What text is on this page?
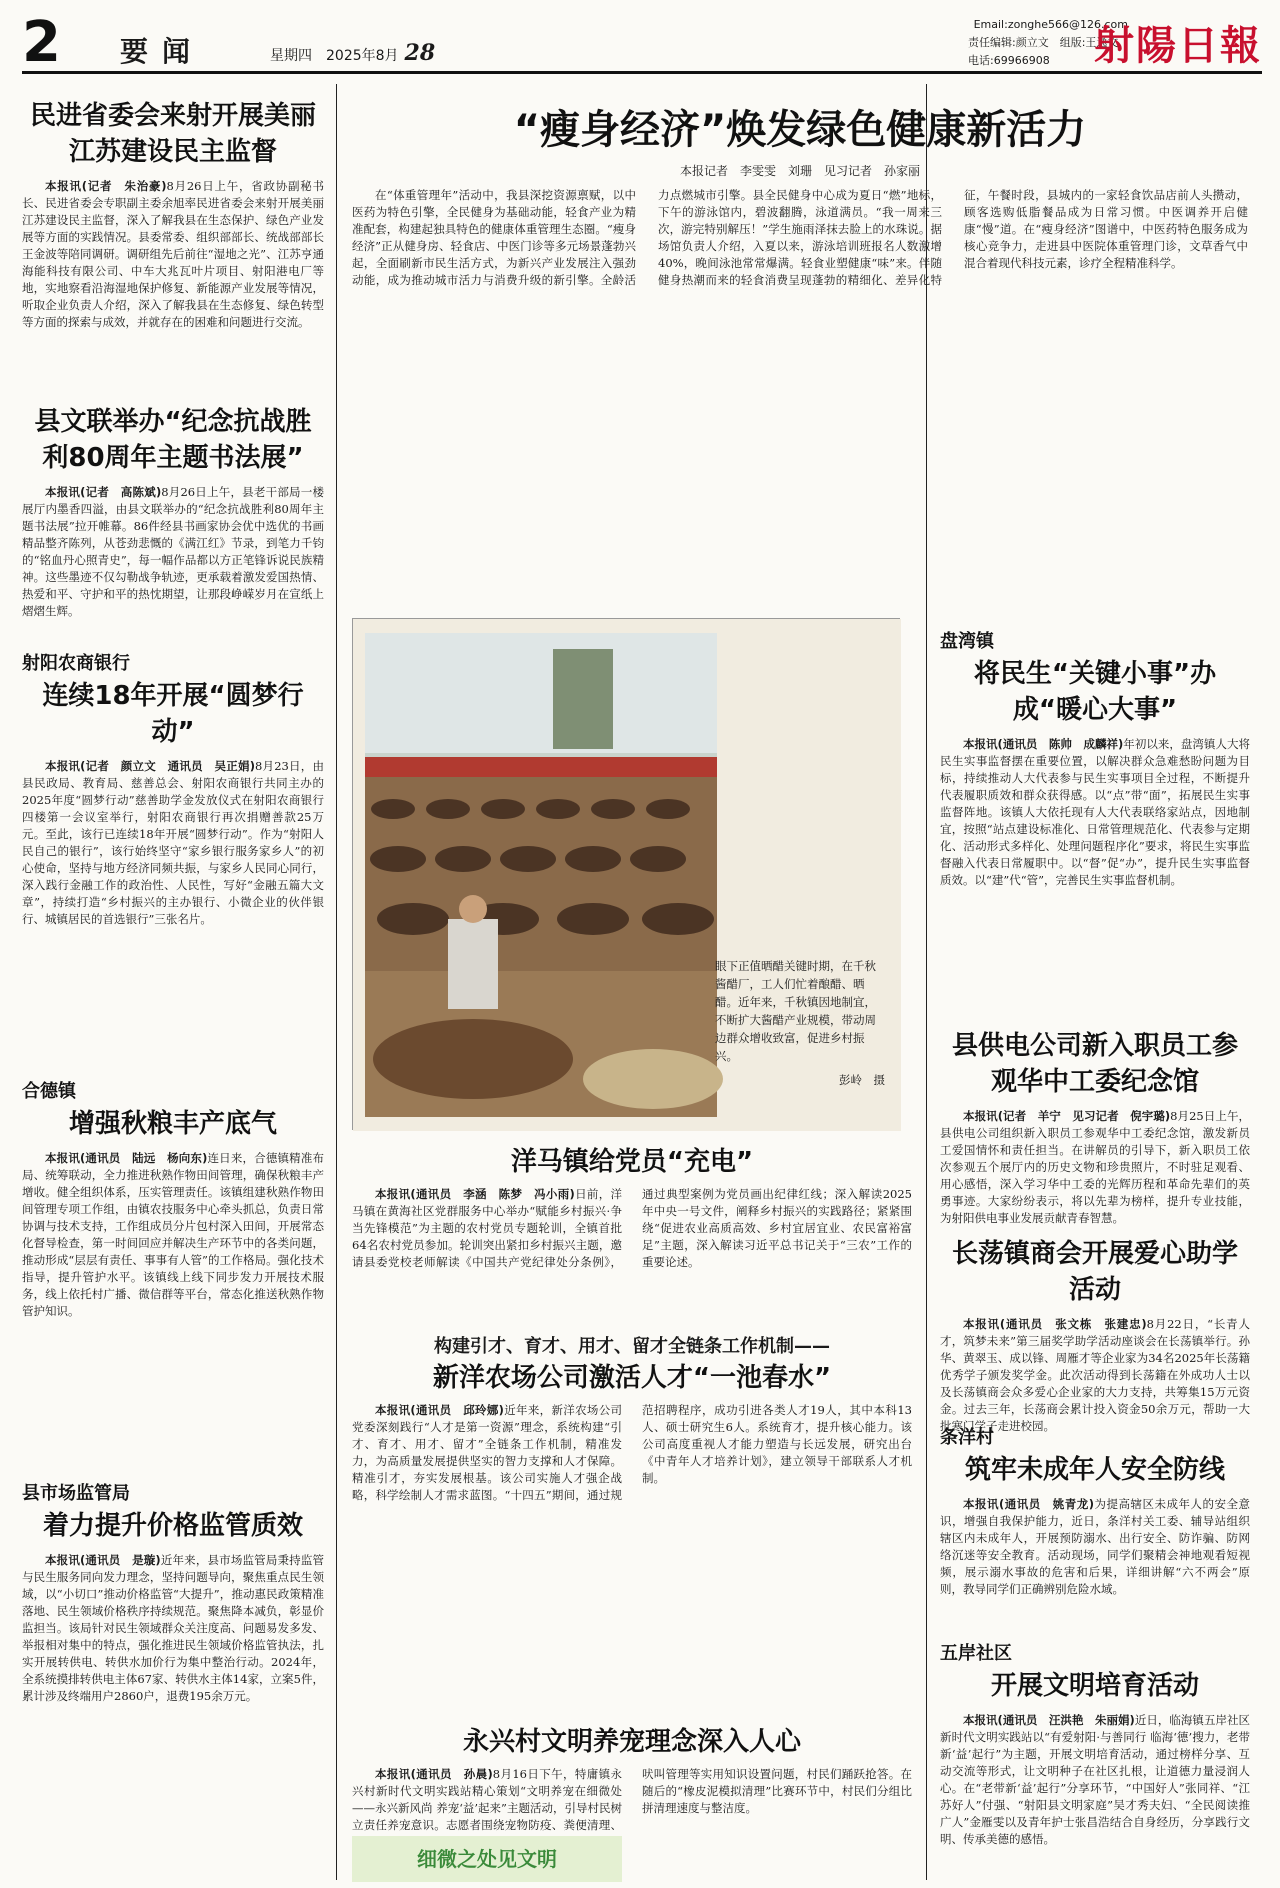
2 要闻	星期四　2025年8月 28
Email:zonghe566@126.com
责任编辑:颜立文　组版:王逸文
电话:69966908	射陽日報
民进省委会来射开展美丽江苏建设民主监督
本报讯(记者　朱治豪)8月26日上午，省政协副秘书长、民进省委会专职副主委余旭率民进省委会来射开展美丽江苏建设民主监督，深入了解我县在生态保护、绿色产业发展等方面的实践情况。县委常委、组织部部长、统战部部长王金波等陪同调研。调研组先后前往“湿地之光”、江苏亨通海能科技有限公司、中车大兆瓦叶片项目、射阳港电厂等地，实地察看沿海湿地保护修复、新能源产业发展等情况，听取企业负责人介绍，深入了解我县在生态修复、绿色转型等方面的探索与成效，并就存在的困难和问题进行交流。
县文联举办“纪念抗战胜利80周年主题书法展”
本报讯(记者　高陈斌)8月26日上午，县老干部局一楼展厅内墨香四溢，由县文联举办的“纪念抗战胜利80周年主题书法展”拉开帷幕。86件经县书画家协会优中选优的书画精品整齐陈列，从苍劲悲慨的《满江红》节录，到笔力千钧的“铭血丹心照青史”，每一幅作品都以方正笔锋诉说民族精神。这些墨迹不仅勾勒战争轨迹，更承载着激发爱国热情、热爱和平、守护和平的热忱期望，让那段峥嵘岁月在宣纸上熠熠生辉。
射阳农商银行
连续18年开展“圆梦行动”
本报讯(记者　颜立文　通讯员　吴正娟)8月23日，由县民政局、教育局、慈善总会、射阳农商银行共同主办的2025年度“圆梦行动”慈善助学金发放仪式在射阳农商银行四楼第一会议室举行，射阳农商银行再次捐赠善款25万元。至此，该行已连续18年开展“圆梦行动”。作为“射阳人民自己的银行”，该行始终坚守“家乡银行服务家乡人”的初心使命，坚持与地方经济同频共振，与家乡人民同心同行，深入践行金融工作的政治性、人民性，写好“金融五篇大文章”，持续打造“乡村振兴的主办银行、小微企业的伙伴银行、城镇居民的首选银行”三张名片。
合德镇
增强秋粮丰产底气
本报讯(通讯员　陆远　杨向东)连日来，合德镇精准布局、统筹联动，全力推进秋熟作物田间管理，确保秋粮丰产增收。健全组织体系，压实管理责任。该镇组建秋熟作物田间管理专项工作组，由镇农技服务中心牵头抓总，负责日常协调与技术支持，工作组成员分片包村深入田间，开展常态化督导检查，第一时间回应并解决生产环节中的各类问题，推动形成“层层有责任、事事有人管”的工作格局。强化技术指导，提升管护水平。该镇线上线下同步发力开展技术服务，线上依托村广播、微信群等平台，常态化推送秋熟作物管护知识。
县市场监管局
着力提升价格监管质效
本报讯(通讯员　是璇)近年来，县市场监管局秉持监管与民生服务同向发力理念，坚持问题导向，聚焦重点民生领域，以“小切口”推动价格监管“大提升”，推动惠民政策精准落地、民生领域价格秩序持续规范。聚焦降本减负，彰显价监担当。该局针对民生领域群众关注度高、问题易发多发、举报相对集中的特点，强化推进民生领域价格监管执法，扎实开展转供电、转供水加价行为集中整治行动。2024年，全系统摸排转供电主体67家、转供水主体14家，立案5件，累计涉及终端用户2860户，退费195余万元。
“瘦身经济”焕发绿色健康新活力
本报记者　李雯雯　刘珊　见习记者　孙家丽
在“体重管理年”活动中，我县深挖资源禀赋，以中医药为特色引擎，全民健身为基础动能，轻食产业为精准配套，构建起独具特色的健康体重管理生态圈。“瘦身经济”正从健身房、轻食店、中医门诊等多元场景蓬勃兴起，全面刷新市民生活方式，为新兴产业发展注入强劲动能，成为推动城市活力与消费升级的新引擎。全龄活力点燃城市引擎。县全民健身中心成为夏日“燃”地标，下午的游泳馆内，碧波翻腾，泳道满员。“我一周来三次，游完特别解压！”学生施雨泽抹去脸上的水珠说。据场馆负责人介绍，入夏以来，游泳培训班报名人数激增40%，晚间泳池常常爆满。轻食业塑健康“味”来。伴随健身热潮而来的轻食消费呈现蓬勃的精细化、差异化特征，午餐时段，县城内的一家轻食饮品店前人头攒动，顾客选购低脂餐品成为日常习惯。中医调养开启健康“慢”道。在“瘦身经济”图谱中，中医药特色服务成为核心竞争力，走进县中医院体重管理门诊，文草香气中混合着现代科技元素，诊疗全程精准科学。
眼下正值晒醋关键时期，在千秋酱醋厂，工人们忙着酿醋、晒醋。近年来，千秋镇因地制宜，不断扩大酱醋产业规模，带动周边群众增收致富，促进乡村振兴。
彭岭　摄
洋马镇给党员“充电”
本报讯(通讯员　李涵　陈梦　冯小雨)日前，洋马镇在黄海社区党群服务中心举办“赋能乡村振兴·争当先锋模范”为主题的农村党员专题轮训，全镇首批64名农村党员参加。轮训突出紧扣乡村振兴主题，邀请县委党校老师解读《中国共产党纪律处分条例》，通过典型案例为党员画出纪律红线；深入解读2025年中央一号文件，阐释乡村振兴的实践路径；紧紧围绕“促进农业高质高效、乡村宜居宜业、农民富裕富足”主题，深入解读习近平总书记关于“三农”工作的重要论述。
构建引才、育才、用才、留才全链条工作机制——
新洋农场公司激活人才“一池春水”
本报讯(通讯员　邱玲娜)近年来，新洋农场公司党委深刻践行“人才是第一资源”理念，系统构建“引才、育才、用才、留才”全链条工作机制，精准发力，为高质量发展提供坚实的智力支撑和人才保障。精准引才，夯实发展根基。该公司实施人才强企战略，科学绘制人才需求蓝图。“十四五”期间，通过规范招聘程序，成功引进各类人才19人，其中本科13人、硕士研究生6人。系统育才，提升核心能力。该公司高度重视人才能力塑造与长远发展，研究出台《中青年人才培养计划》，建立领导干部联系人才机制。
永兴村文明养宠理念深入人心
本报讯(通讯员　孙晨)8月16日下午，特庸镇永兴村新时代文明实践站精心策划“文明养宠在细微处——永兴新风尚 养宠‘益’起来”主题活动，引导村民树立责任养宠意识。志愿者围绕宠物防疫、粪便清理、吠叫管理等实用知识设置问题，村民们踊跃抢答。在随后的“橡皮泥模拟清理”比赛环节中，村民们分组比拼清理速度与整洁度。
细微之处见文明
盘湾镇
将民生“关键小事”办成“暖心大事”
本报讯(通讯员　陈帅　成麟祥)年初以来，盘湾镇人大将民生实事监督摆在重要位置，以解决群众急难愁盼问题为目标，持续推动人大代表参与民生实事项目全过程，不断提升代表履职质效和群众获得感。以“点”带“面”，拓展民生实事监督阵地。该镇人大依托现有人大代表联络家站点，因地制宜，按照“站点建设标准化、日常管理规范化、代表参与定期化、活动形式多样化、处理问题程序化”要求，将民生实事监督融入代表日常履职中。以“督”促“办”，提升民生实事监督质效。以“建”代“管”，完善民生实事监督机制。
县供电公司新入职员工参观华中工委纪念馆
本报讯(记者　羊宁　见习记者　倪宇璐)8月25日上午，县供电公司组织新入职员工参观华中工委纪念馆，激发新员工爱国情怀和责任担当。在讲解员的引导下，新入职员工依次参观五个展厅内的历史文物和珍贵照片，不时驻足观看、用心感悟，深入学习华中工委的光辉历程和革命先辈们的英勇事迹。大家纷纷表示，将以先辈为榜样，提升专业技能，为射阳供电事业发展贡献青春智慧。
长荡镇商会开展爱心助学活动
本报讯(通讯员　张文栋　张建忠)8月22日，“长青人才，筑梦未来”第三届奖学助学活动座谈会在长荡镇举行。孙华、黄翠玉、成以锋、周雁才等企业家为34名2025年长荡籍优秀学子颁发奖学金。此次活动得到长荡籍在外成功人士以及长荡镇商会众多爱心企业家的大力支持，共筹集15万元资金。过去三年，长荡商会累计投入资金50余万元，帮助一大批寒门学子走进校园。
条洋村
筑牢未成年人安全防线
本报讯(通讯员　姚青龙)为提高辖区未成年人的安全意识，增强自我保护能力，近日，条洋村关工委、辅导站组织辖区内未成年人，开展预防溺水、出行安全、防诈骗、防网络沉迷等安全教育。活动现场，同学们聚精会神地观看短视频，展示溺水事故的危害和后果，详细讲解“六不两会”原则，教导同学们正确辨别危险水域。
五岸社区
开展文明培育活动
本报讯(通讯员　汪洪艳　朱丽娟)近日，临海镇五岸社区新时代文明实践站以“有爱射阳·与善同行 临海‘德’搜力，老带新‘益’起行”为主题，开展文明培育活动，通过榜样分享、互动交流等形式，让文明种子在社区扎根，让道德力量浸润人心。在“老带新‘益’起行”分享环节，“中国好人”张同祥、“江苏好人”付强、“射阳县文明家庭”吴才秀夫妇、“全民阅读推广人”金雁雯以及青年护士张昌浩结合自身经历，分享践行文明、传承美德的感悟。
